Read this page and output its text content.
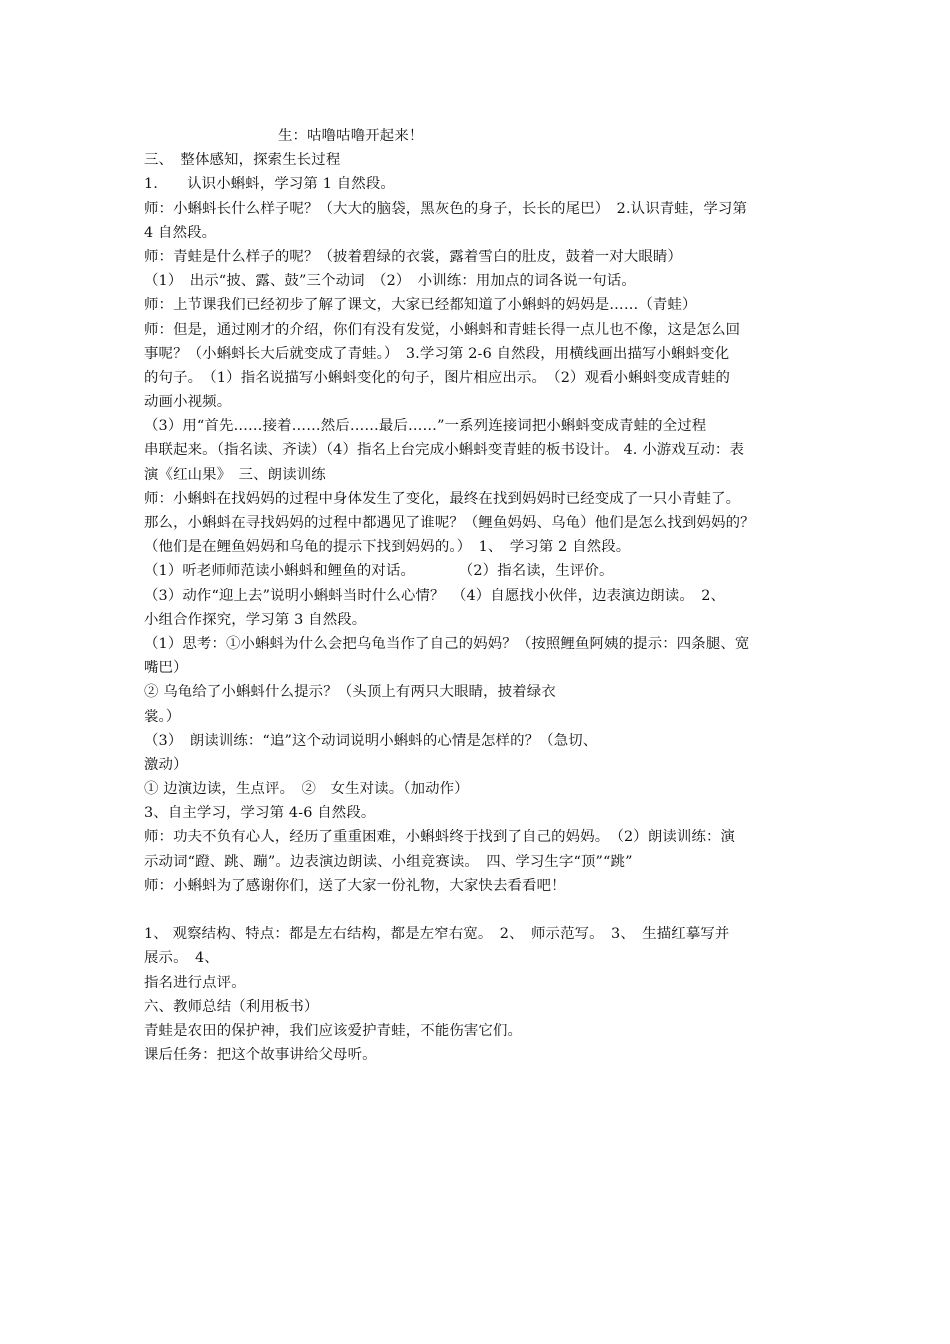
生：咕噜咕噜开起来！
三、　整体感知，探索生长过程
1.　　认识小蝌蚪，学习第 1 自然段。
师：小蝌蚪长什么样子呢？（大大的脑袋，黑灰色的身子，长长的尾巴）　2.认识青蛙，学习第
4 自然段。
师：青蛙是什么样子的呢？（披着碧绿的衣裳，露着雪白的肚皮，鼓着一对大眼睛）
（1）　出示“披、露、鼓”三个动词　（2）　小训练：用加点的词各说一句话。
师：上节课我们已经初步了解了课文，大家已经都知道了小蝌蚪的妈妈是……（青蛙）
师：但是，通过刚才的介绍，你们有没有发觉，小蝌蚪和青蛙长得一点儿也不像，这是怎么回
事呢？（小蝌蚪长大后就变成了青蛙。）　3.学习第 2-6 自然段，用横线画出描写小蝌蚪变化
的句子。　（1）指名说描写小蝌蚪变化的句子，图片相应出示。　（2）观看小蝌蚪变成青蛙的
动画小视频。
（3）用“首先……接着……然后……最后……”一系列连接词把小蝌蚪变成青蛙的全过程
串联起来。（指名读、齐读）（4）指名上台完成小蝌蚪变青蛙的板书设计。 4. 小游戏互动：表
演《红山果》　三、朗读训练
师：小蝌蚪在找妈妈的过程中身体发生了变化，最终在找到妈妈时已经变成了一只小青蛙了。
那么，小蝌蚪在寻找妈妈的过程中都遇见了谁呢？（鲤鱼妈妈、乌龟）他们是怎么找到妈妈的？
（他们是在鲤鱼妈妈和乌龟的提示下找到妈妈的。）　1、　学习第 2 自然段。
（1）听老师师范读小蝌蚪和鲤鱼的对话。　　　　（2）指名读，生评价。
（3）动作“迎上去”说明小蝌蚪当时什么心情？　（4）自愿找小伙伴，边表演边朗读。　2、
小组合作探究，学习第 3 自然段。
（1）思考：①小蝌蚪为什么会把乌龟当作了自己的妈妈？（按照鲤鱼阿姨的提示：四条腿、宽
嘴巴）
② 乌龟给了小蝌蚪什么提示？（头顶上有两只大眼睛，披着绿衣
裳。）
（3）　朗读训练：“追”这个动词说明小蝌蚪的心情是怎样的？（急切、
激动）
① 边演边读，生点评。　②　女生对读。（加动作）
3、自主学习，学习第 4-6 自然段。
师：功夫不负有心人，经历了重重困难，小蝌蚪终于找到了自己的妈妈。　（2）朗读训练：演
示动词“蹬、跳、蹦”。边表演边朗读、小组竞赛读。　四、学习生字“顶”“跳”
师：小蝌蚪为了感谢你们，送了大家一份礼物，大家快去看看吧！
1、 观察结构、特点：都是左右结构，都是左窄右宽。　2、　师示范写。　3、　生描红摹写并
展示。　4、
指名进行点评。
六、教师总结（利用板书）
青蛙是农田的保护神，我们应该爱护青蛙，不能伤害它们。
课后任务：把这个故事讲给父母听。
